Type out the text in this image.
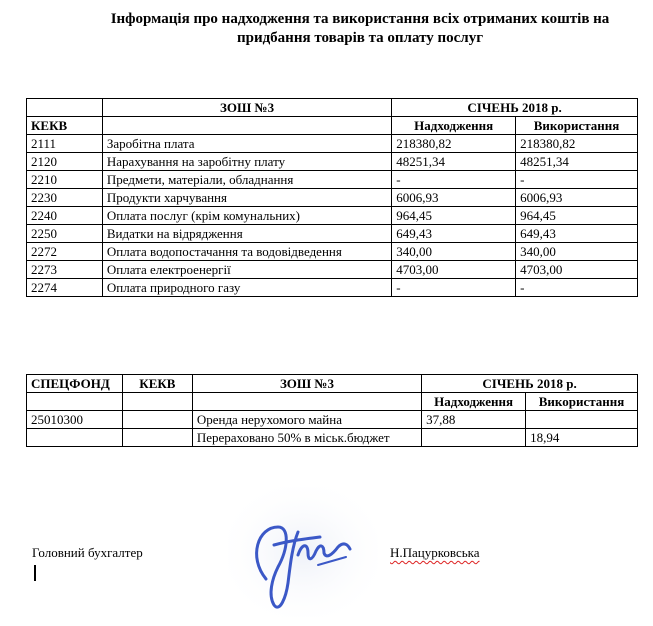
Інформація про надходження та використання всіх отриманих коштів на
придбання товарів та оплату послуг
	ЗОШ №3	СІЧЕНЬ 2018 р.	
КЕКВ		Надходження	Використання
2111	Заробітна плата	218380,82	218380,82
2120	Нарахування на заробітну плату	48251,34	48251,34
2210	Предмети, матеріали, обладнання	-	-
2230	Продукти харчування	6006,93	6006,93
2240	Оплата послуг (крім комунальних)	964,45	964,45
2250	Видатки на відрядження	649,43	649,43
2272	Оплата водопостачання та водовідведення	340,00	340,00
2273	Оплата електроенергії	4703,00	4703,00
2274	Оплата природного газу	-	-
СПЕЦФОНД	КЕКВ	ЗОШ №3	СІЧЕНЬ 2018 р.	
			Надходження	Використання
25010300		Оренда нерухомого майна	37,88	
		Перераховано 50% в міськ.бюджет		18,94
Головний бухгалтер	Н.Пацурковська
